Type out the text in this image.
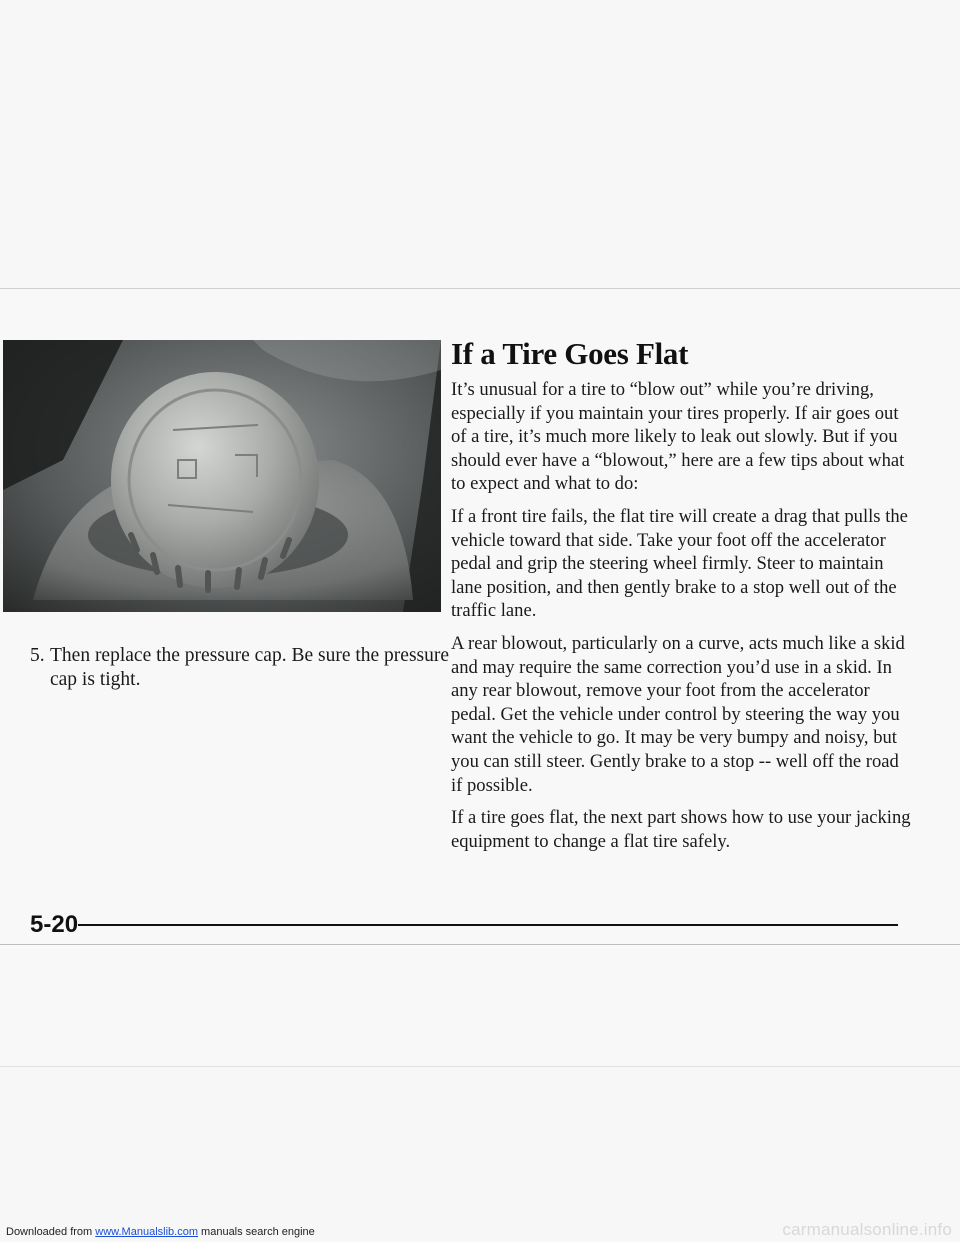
5. Then replace the pressure cap. Be sure the pressure cap is tight.
If a Tire Goes Flat

It’s unusual for a tire to “blow out” while you’re driving, especially if you maintain your tires properly. If air goes out of a tire, it’s much more likely to leak out slowly. But if you should ever have a “blowout,” here are a few tips about what to expect and what to do:

If a front tire fails, the flat tire will create a drag that pulls the vehicle toward that side. Take your foot off the accelerator pedal and grip the steering wheel firmly. Steer to maintain lane position, and then gently brake to a stop well out of the traffic lane.

A rear blowout, particularly on a curve, acts much like a skid and may require the same correction you’d use in a skid. In any rear blowout, remove your foot from the accelerator pedal. Get the vehicle under control by steering the way you want the vehicle to go. It may be very bumpy and noisy, but you can still steer. Gently brake to a stop -- well off the road if possible.

If a tire goes flat, the next part shows how to use your jacking equipment to change a flat tire safely.

5-20
Downloaded from www.Manualslib.com manuals search engine	carmanualsonline.info
